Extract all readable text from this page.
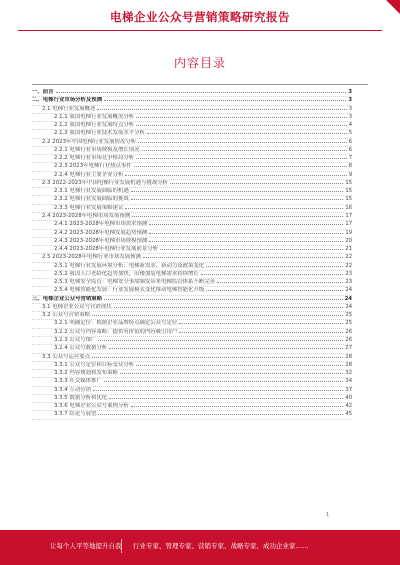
电梯企业公众号营销策略研究报告
内容目录
一、前言	3
二、电梯行业市场分析及预测	3
2.1 电梯行业发展概述	3
2.1.1 我国电梯行业发展概况分析	3
2.1.2 我国电梯行业发展特点分析	4
2.1.3 我国电梯行业技术发展水平分析	5
2.2 2023年中国电梯行业发展情况分析	6
2.2.1 电梯行业市场规模及增长情况	6
2.2.2 电梯行业市场竞争格局分析	7
2.2.3 2023年电梯行业热点事件	8
2.2.4 电梯行业主要企业分析	9
2.3 2022-2023年中国电梯行业发展机遇与挑战分析	15
2.3.1 电梯行业发展面临的机遇	15
2.3.2 电梯行业发展面临的挑战	15
2.3.3 电梯行业发展策略建议	16
2.4 2023-2028年电梯市场发展预测	17
2.4.1 2023-2028年电梯市场需求预测	17
2.4.2 2023-2028年电梯发展趋势预测	19
2.4.3 2023-2028年电梯市场规模预测	20
2.4.4 2023-2028年电梯行业发展前景分析	21
2.5 2023-2028年电梯行业市场发展预测	22
2.5.1 电梯行业发展环境分析：电梯新需求、新动力及政策变化	22
2.5.2 我国人口老龄化趋势加快，旧楼加装电梯需求持续增长	23
2.5.3 电梯安全监管：电梯安全事故频发带来电梯监管体系不断完善	23
2.5.4 电梯智能化发展：行业发展模式变化推动电梯智能化升级	24
三、电梯企业公众号营销策略	24
3.1 电梯企业公众号营销现状	24
3.2 公众号营销策略	25
3.2.1 明确定位：根据企业品牌特点确定公众号定位	25
3.2.2 公众号内容策略：提供有价值的内容吸引用户	26
3.2.3 公众号推广	26
3.2.4 公众号数据分析	27
3.3 公众号运营要点	28
3.3.1 公众号定位和目标受众分析	28
3.3.2 内容规划和发布策略	32
3.3.3 社交媒体推广	34
3.3.4 互动营销	37
3.3.5 数据分析和优化	40
3.3.6 电梯企业公众号案例分析	42
3.3.7 结论与展望	45
1
让每个人平等地提升自我 行业专家、管理专家、营销专家、战略专家、成功企业家……
